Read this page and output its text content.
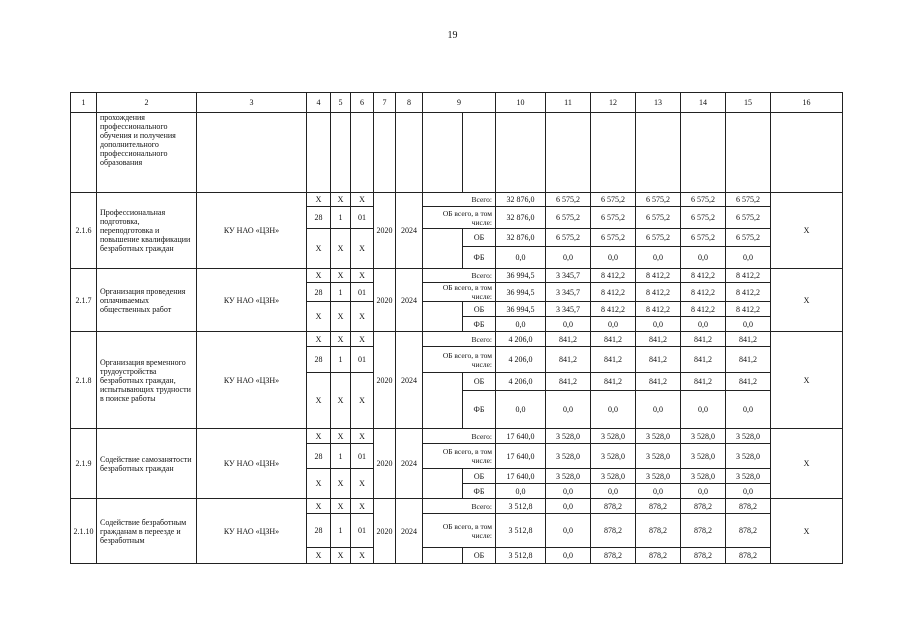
19
1	2	3	4	5	6	7	8	9		10	11	12	13	14	15	16
	прохождения профессионального обучения и получения дополнительного профессионального образования															
2.1.6	Профессиональная подготовка, переподготовка и повышение квалификации безработных граждан	КУ НАО «ЦЗН»	Х	Х	Х	2020	2024	Всего:		32 876,0	6 575,2	6 575,2	6 575,2	6 575,2	6 575,2	Х
			28	1	01			ОБ всего, в том числе:		32 876,0	6 575,2	6 575,2	6 575,2	6 575,2	6 575,2	
			Х	Х	Х				ОБ	32 876,0	6 575,2	6 575,2	6 575,2	6 575,2	6 575,2	
									ФБ	0,0	0,0	0,0	0,0	0,0	0,0	
2.1.7	Организация проведения оплачиваемых общественных работ	КУ НАО «ЦЗН»	Х	Х	Х	2020	2024	Всего:		36 994,5	3 345,7	8 412,2	8 412,2	8 412,2	8 412,2	Х
			28	1	01			ОБ всего, в том числе:		36 994,5	3 345,7	8 412,2	8 412,2	8 412,2	8 412,2	
			Х	Х	Х				ОБ	36 994,5	3 345,7	8 412,2	8 412,2	8 412,2	8 412,2	
									ФБ	0,0	0,0	0,0	0,0	0,0	0,0	
2.1.8	Организация временного трудоустройства безработных граждан, испытывающих трудности в поиске работы	КУ НАО «ЦЗН»	Х	Х	Х	2020	2024	Всего:		4 206,0	841,2	841,2	841,2	841,2	841,2	Х
			28	1	01			ОБ всего, в том числе:		4 206,0	841,2	841,2	841,2	841,2	841,2	
			Х	Х	Х				ОБ	4 206,0	841,2	841,2	841,2	841,2	841,2	
									ФБ	0,0	0,0	0,0	0,0	0,0	0,0	
2.1.9	Содействие самозанятости безработных граждан	КУ НАО «ЦЗН»	Х	Х	Х	2020	2024	Всего:		17 640,0	3 528,0	3 528,0	3 528,0	3 528,0	3 528,0	Х
			28	1	01			ОБ всего, в том числе:		17 640,0	3 528,0	3 528,0	3 528,0	3 528,0	3 528,0	
			Х	Х	Х				ОБ	17 640,0	3 528,0	3 528,0	3 528,0	3 528,0	3 528,0	
									ФБ	0,0	0,0	0,0	0,0	0,0	0,0	
2.1.10	Содействие безработным гражданам в переезде и безработным	КУ НАО «ЦЗН»	Х	Х	Х	2020	2024	Всего:		3 512,8	0,0	878,2	878,2	878,2	878,2	Х
			28	1	01			ОБ всего, в том числе:		3 512,8	0,0	878,2	878,2	878,2	878,2	
			Х	Х	Х				ОБ	3 512,8	0,0	878,2	878,2	878,2	878,2	
